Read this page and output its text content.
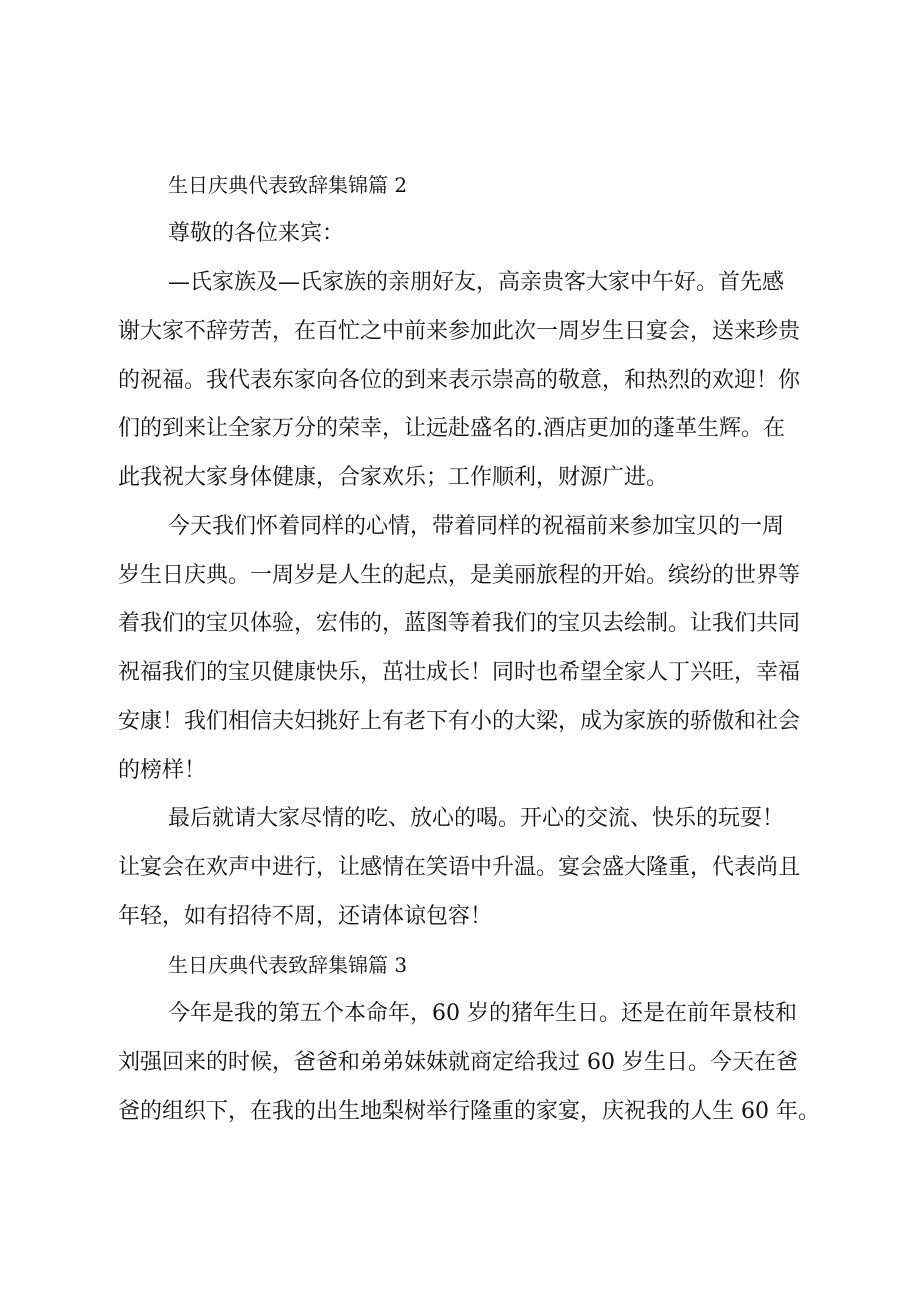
生日庆典代表致辞集锦篇 2

尊敬的各位来宾：

—氏家族及—氏家族的亲朋好友，高亲贵客大家中午好。首先感

谢大家不辞劳苦，在百忙之中前来参加此次一周岁生日宴会，送来珍贵

的祝福。我代表东家向各位的到来表示崇高的敬意，和热烈的欢迎！你

们的到来让全家万分的荣幸，让远赴盛名的.酒店更加的蓬革生辉。在

此我祝大家身体健康，合家欢乐；工作顺利，财源广进。

今天我们怀着同样的心情，带着同样的祝福前来参加宝贝的一周

岁生日庆典。一周岁是人生的起点，是美丽旅程的开始。缤纷的世界等

着我们的宝贝体验，宏伟的，蓝图等着我们的宝贝去绘制。让我们共同

祝福我们的宝贝健康快乐，茁壮成长！同时也希望全家人丁兴旺，幸福

安康！我们相信夫妇挑好上有老下有小的大梁，成为家族的骄傲和社会

的榜样！

最后就请大家尽情的吃、放心的喝。开心的交流、快乐的玩耍！

让宴会在欢声中进行，让感情在笑语中升温。宴会盛大隆重，代表尚且

年轻，如有招待不周，还请体谅包容！

生日庆典代表致辞集锦篇 3

今年是我的第五个本命年，60 岁的猪年生日。还是在前年景枝和

刘强回来的时候，爸爸和弟弟妹妹就商定给我过 60 岁生日。今天在爸

爸的组织下，在我的出生地梨树举行隆重的家宴，庆祝我的人生 60 年。
